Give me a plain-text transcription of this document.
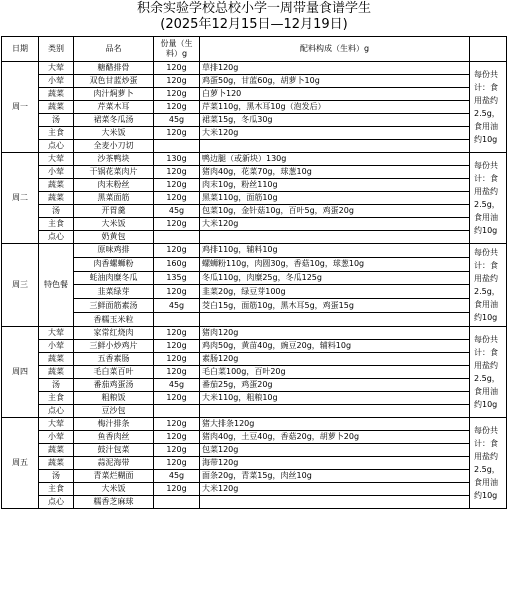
积余实验学校总校小学一周带量食谱学生
(2025年12月15日—12月19日)
日期	类别	品名	份量（生料）g	配料构成（生料）g	
周一	大荤	糖醋排骨	120g	草排120g	每份共计：食用盐约2.5g，食用油约10g
	小荤	双色甘蓝炒蛋	120g	鸡蛋50g，甘蓝60g，胡萝卜10g	
	蔬菜	肉汁焖萝卜	120g	白萝卜120	
	蔬菜	芹菜木耳	120g	芹菜110g，黑木耳10g（泡发后）	
	汤	裙菜冬瓜汤	45g	裙菜15g，冬瓜30g	
	主食	大米饭	120g	大米120g	
	点心	全麦小刀切			
周二	大荤	沙茶鸭块	130g	鸭边腿（或新块）130g	每份共计：食用盐约2.5g，食用油约10g
	小荤	干锅花菜肉片	120g	猪肉40g，花菜70g，球葱10g	
	蔬菜	肉末粉丝	120g	肉末10g，粉丝110g	
	蔬菜	黑菜面筋	120g	黑菜110g，面筋10g	
	汤	开胃羹	45g	包菜10g，金针菇10g，百叶5g，鸡蛋20g	
	主食	大米饭	120g	大米120g	
	点心	奶黄包			
周三	特色餐	原味鸡排	120g	鸡排110g，辅料10g	每份共计：食用盐约2.5g，食用油约10g
		肉香螺蛳粉	160g	螺蛳粉110g，肉圆30g，香菇10g，球葱10g	
		蚝油肉糜冬瓜	135g	冬瓜110g，肉糜25g，冬瓜125g	
		韭菜绿芽	120g	韭菜20g，绿豆芽100g	
		三鲜面筋素汤	45g	茭白15g，面筋10g，黑木耳5g，鸡蛋15g	
		香糯玉米粒			
周四	大荤	家常红烧肉	120g	猪肉120g	每份共计：食用盐约2.5g，食用油约10g
	小荤	三鲜小炒鸡片	120g	鸡肉50g，黄苗40g，豌豆20g，辅料10g	
	蔬菜	五香素肠	120g	素肠120g	
	蔬菜	毛白菜百叶	120g	毛白菜100g，百叶20g	
	汤	番茄鸡蛋汤	45g	番茄25g，鸡蛋20g	
	主食	粗粮饭	120g	大米110g，粗粮10g	
	点心	豆沙包			
周五	大荤	梅汁排条	120g	猪大排条120g	每份共计：食用盐约2.5g，食用油约10g
	小荤	鱼香肉丝	120g	猪肉40g，土豆40g，香菇20g，胡萝卜20g	
	蔬菜	鼓汁包菜	120g	包菜120g	
	蔬菜	蒜泥海带	120g	海带120g	
	汤	青菜烂糊面	45g	面条20g，青菜15g，肉丝10g	
	主食	大米饭	120g	大米120g	
	点心	糯香芝麻球			
